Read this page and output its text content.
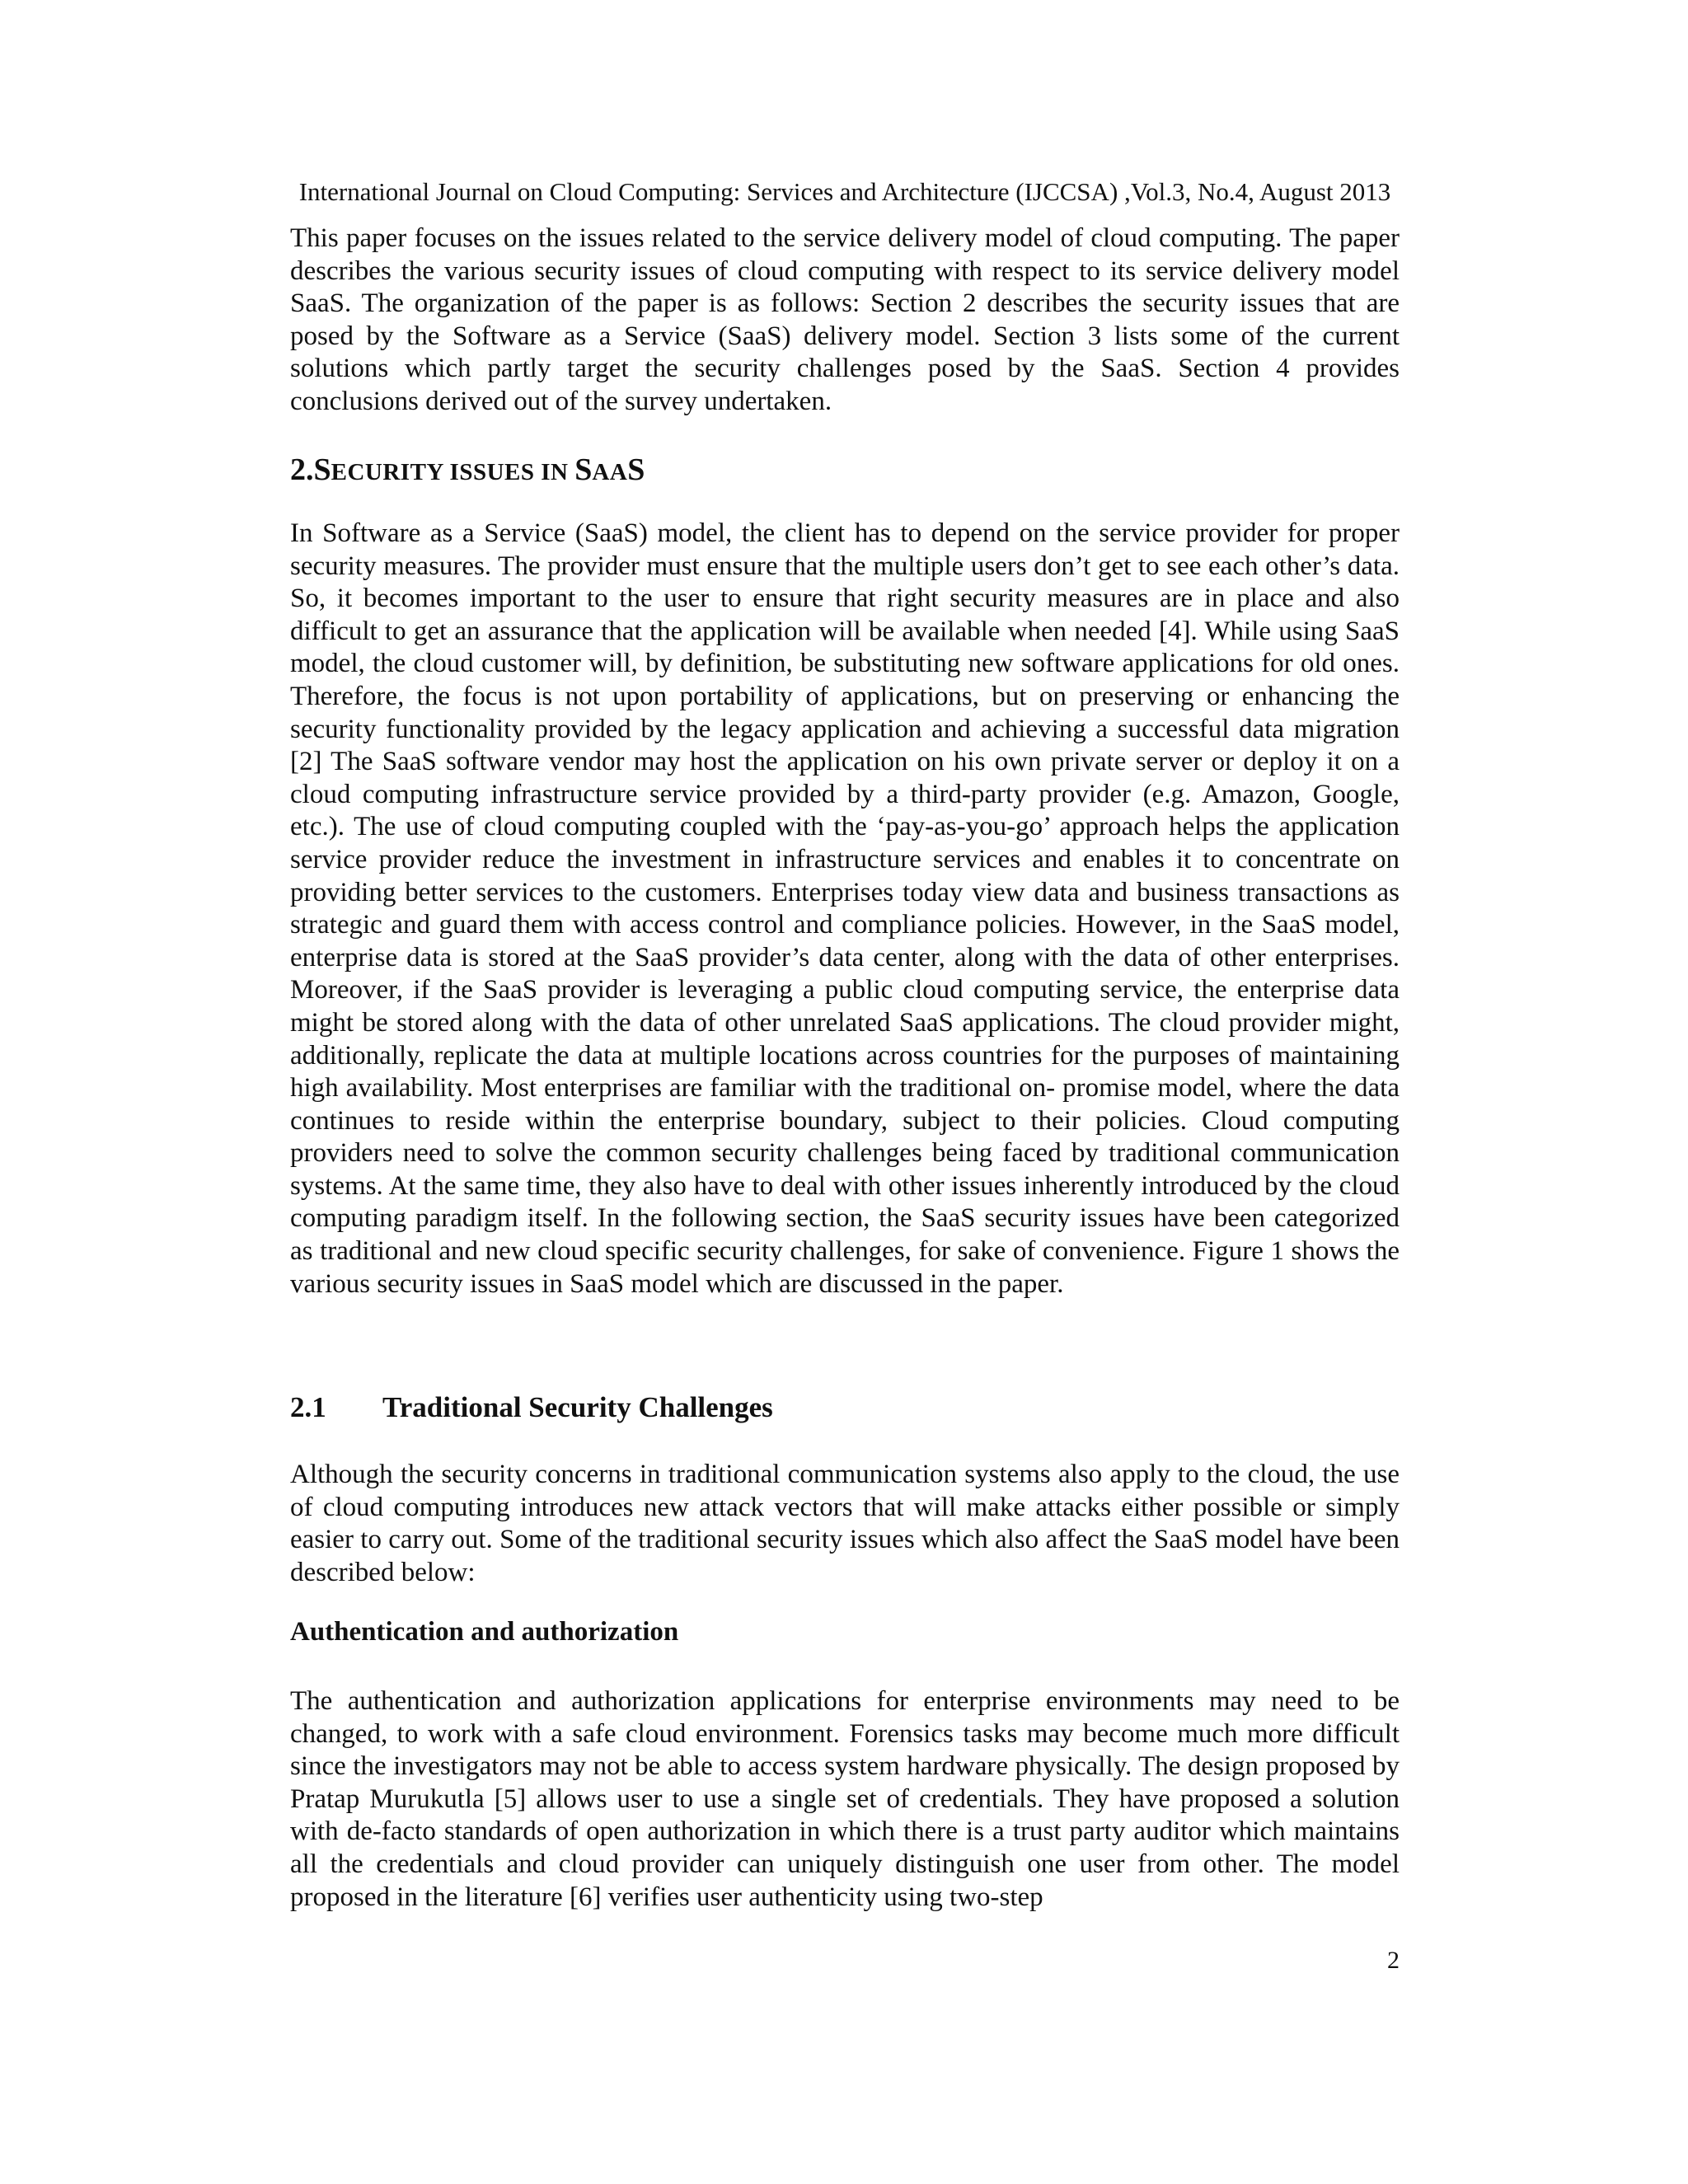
International Journal on Cloud Computing: Services and Architecture (IJCCSA) ,Vol.3, No.4, August 2013

This paper focuses on the issues related to the service delivery model of cloud computing. The paper describes the various security issues of cloud computing with respect to its service delivery model SaaS. The organization of the paper is as follows: Section 2 describes the security issues that are posed by the Software as a Service (SaaS) delivery model. Section 3 lists some of the current solutions which partly target the security challenges posed by the SaaS. Section 4 provides conclusions derived out of the survey undertaken.

2.SECURITY ISSUES IN SAAS

In Software as a Service (SaaS) model, the client has to depend on the service provider for proper security measures. The provider must ensure that the multiple users don’t get to see each other’s data. So, it becomes important to the user to ensure that right security measures are in place and also difficult to get an assurance that the application will be available when needed [4]. While using SaaS model, the cloud customer will, by definition, be substituting new software applications for old ones. Therefore, the focus is not upon portability of applications, but on preserving or enhancing the security functionality provided by the legacy application and achieving a successful data migration [2] The SaaS software vendor may host the application on his own private server or deploy it on a cloud computing infrastructure service provided by a third-party provider (e.g. Amazon, Google, etc.). The use of cloud computing coupled with the ‘pay-as-you-go’ approach helps the application service provider reduce the investment in infrastructure services and enables it to concentrate on providing better services to the customers. Enterprises today view data and business transactions as strategic and guard them with access control and compliance policies. However, in the SaaS model, enterprise data is stored at the SaaS provider’s data center, along with the data of other enterprises. Moreover, if the SaaS provider is leveraging a public cloud computing service, the enterprise data might be stored along with the data of other unrelated SaaS applications. The cloud provider might, additionally, replicate the data at multiple locations across countries for the purposes of maintaining high availability. Most enterprises are familiar with the traditional on- promise model, where the data continues to reside within the enterprise boundary, subject to their policies. Cloud computing providers need to solve the common security challenges being faced by traditional communication systems. At the same time, they also have to deal with other issues inherently introduced by the cloud computing paradigm itself. In the following section, the SaaS security issues have been categorized as traditional and new cloud specific security challenges, for sake of convenience. Figure 1 shows the various security issues in SaaS model which are discussed in the paper.

2.1 Traditional Security Challenges

Although the security concerns in traditional communication systems also apply to the cloud, the use of cloud computing introduces new attack vectors that will make attacks either possible or simply easier to carry out. Some of the traditional security issues which also affect the SaaS model have been described below:

Authentication and authorization

The authentication and authorization applications for enterprise environments may need to be changed, to work with a safe cloud environment. Forensics tasks may become much more difficult since the investigators may not be able to access system hardware physically. The design proposed by Pratap Murukutla [5] allows user to use a single set of credentials. They have proposed a solution with de-facto standards of open authorization in which there is a trust party auditor which maintains all the credentials and cloud provider can uniquely distinguish one user from other. The model proposed in the literature [6] verifies user authenticity using two-step

2
